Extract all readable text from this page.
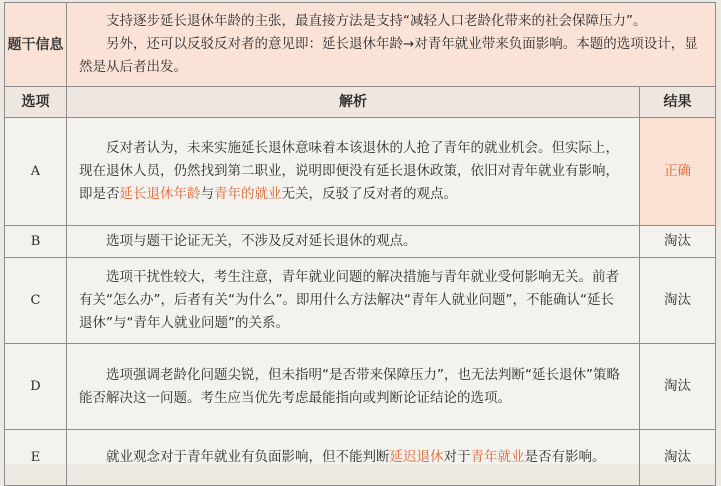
题干信息	支持逐步延长退休年龄的主张，最直接方法是支持“减轻人口老龄化带来的社会保障压力”。

另外，还可以反驳反对者的意见即：延长退休年龄→对青年就业带来负面影响。本题的选项设计，显然是从后者出发。	

选项	解析	结果
A	反对者认为，未来实施延长退休意味着本该退休的人抢了青年的就业机会。但实际上，现在退休人员，仍然找到第二职业，说明即便没有延长退休政策，依旧对青年就业有影响，即是否延长退休年龄与青年的就业无关，反驳了反对者的观点。	正确
B	选项与题干论证无关，不涉及反对延长退休的观点。	淘汰
C	选项干扰性较大，考生注意，青年就业问题的解决措施与青年就业受何影响无关。前者有关“怎么办”，后者有关“为什么”。即用什么方法解决“青年人就业问题”，不能确认“延长退休”与“青年人就业问题”的关系。	淘汰
D	选项强调老龄化问题尖锐，但未指明“是否带来保障压力”，也无法判断“延长退休”策略能否解决这一问题。考生应当优先考虑最能指向或判断论证结论的选项。	淘汰
E	就业观念对于青年就业有负面影响，但不能判断延迟退休对于青年就业是否有影响。	淘汰
